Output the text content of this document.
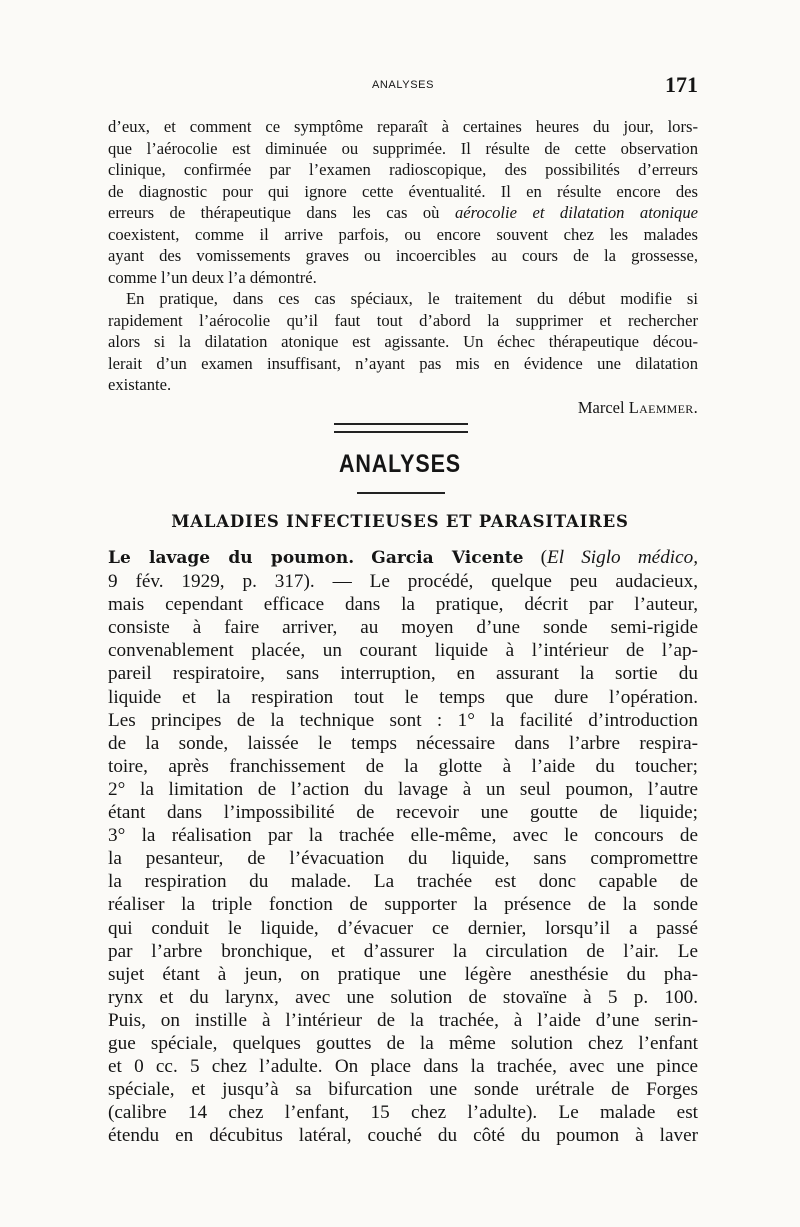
ANALYSES	171
d’eux, et comment ce symptôme reparaît à certaines heures du jour, lors-
que l’aérocolie est diminuée ou supprimée. Il résulte de cette observation
clinique, confirmée par l’examen radioscopique, des possibilités d’erreurs
de diagnostic pour qui ignore cette éventualité. Il en résulte encore des
erreurs de thérapeutique dans les cas où aérocolie et dilatation atonique
coexistent, comme il arrive parfois, ou encore souvent chez les malades
ayant des vomissements graves ou incoercibles au cours de la grossesse,
comme l’un deux l’a démontré.
En pratique, dans ces cas spéciaux, le traitement du début modifie si
rapidement l’aérocolie qu’il faut tout d’abord la supprimer et rechercher
alors si la dilatation atonique est agissante. Un échec thérapeutique décou-
lerait d’un examen insuffisant, n’ayant pas mis en évidence une dilatation
existante.
Marcel Laemmer.
ANALYSES
MALADIES INFECTIEUSES ET PARASITAIRES
Le lavage du poumon. Garcia Vicente (El Siglo médico,
9 fév. 1929, p. 317). — Le procédé, quelque peu audacieux,
mais cependant efficace dans la pratique, décrit par l’auteur,
consiste à faire arriver, au moyen d’une sonde semi-rigide
convenablement placée, un courant liquide à l’intérieur de l’ap-
pareil respiratoire, sans interruption, en assurant la sortie du
liquide et la respiration tout le temps que dure l’opération.
Les principes de la technique sont : 1° la facilité d’introduction
de la sonde, laissée le temps nécessaire dans l’arbre respira-
toire, après franchissement de la glotte à l’aide du toucher;
2° la limitation de l’action du lavage à un seul poumon, l’autre
étant dans l’impossibilité de recevoir une goutte de liquide;
3° la réalisation par la trachée elle-même, avec le concours de
la pesanteur, de l’évacuation du liquide, sans compromettre
la respiration du malade. La trachée est donc capable de
réaliser la triple fonction de supporter la présence de la sonde
qui conduit le liquide, d’évacuer ce dernier, lorsqu’il a passé
par l’arbre bronchique, et d’assurer la circulation de l’air. Le
sujet étant à jeun, on pratique une légère anesthésie du pha-
rynx et du larynx, avec une solution de stovaïne à 5 p. 100.
Puis, on instille à l’intérieur de la trachée, à l’aide d’une serin-
gue spéciale, quelques gouttes de la même solution chez l’enfant
et 0 cc. 5 chez l’adulte. On place dans la trachée, avec une pince
spéciale, et jusqu’à sa bifurcation une sonde urétrale de Forges
(calibre 14 chez l’enfant, 15 chez l’adulte). Le malade est
étendu en décubitus latéral, couché du côté du poumon à laver
